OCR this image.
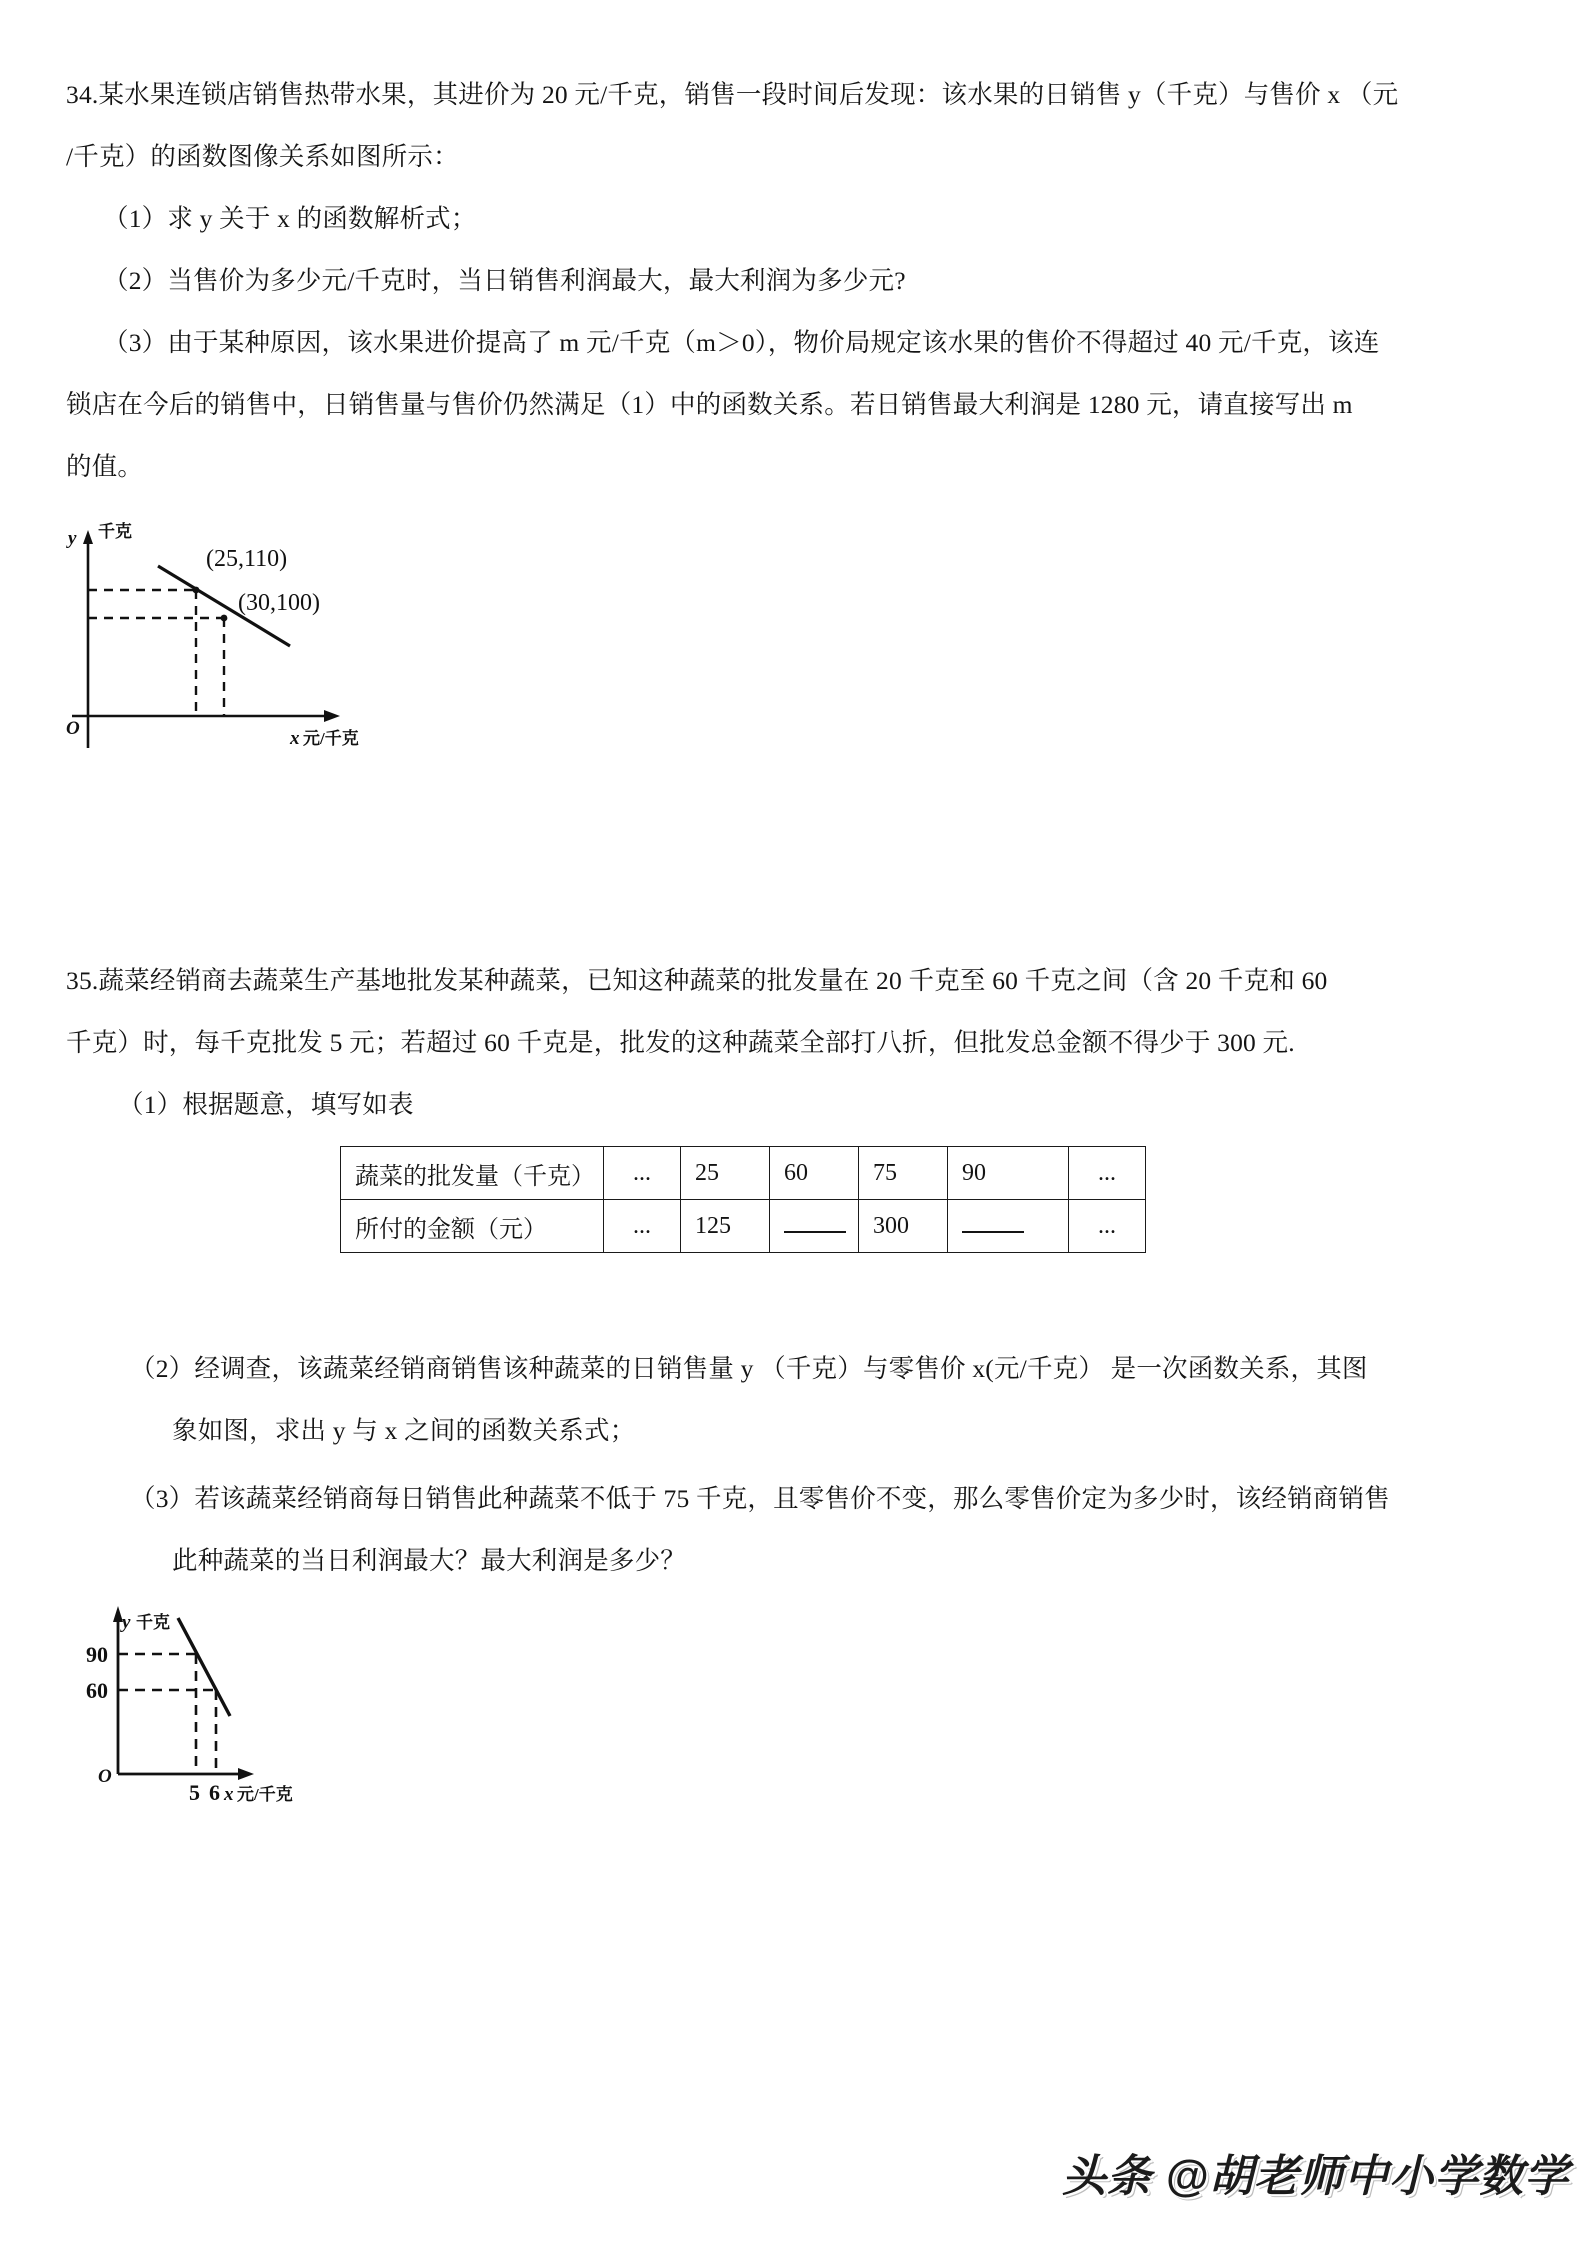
34.某水果连锁店销售热带水果，其进价为 20 元/千克，销售一段时间后发现：该水果的日销售 y（千克）与售价 x （元
/千克）的函数图像关系如图所示：
（1）求 y 关于 x 的函数解析式；
（2）当售价为多少元/千克时，当日销售利润最大，最大利润为多少元?
（3）由于某种原因，该水果进价提高了 m 元/千克（m＞0），物价局规定该水果的售价不得超过 40 元/千克，该连
锁店在今后的销售中，日销售量与售价仍然满足（1）中的函数关系。若日销售最大利润是 1280 元，请直接写出 m
的值。
y 千克
x 元/千克
O
(25,110)
(30,100)
35.蔬菜经销商去蔬菜生产基地批发某种蔬菜，已知这种蔬菜的批发量在 20 千克至 60 千克之间（含 20 千克和 60
千克）时，每千克批发 5 元；若超过 60 千克是，批发的这种蔬菜全部打八折，但批发总金额不得少于 300 元.
（1）根据题意，填写如表
蔬菜的批发量（千克）	...	25	60	75	90	...
所付的金额（元）	...	125		300		...
（2）经调查，该蔬菜经销商销售该种蔬菜的日销售量 y （千克）与零售价 x(元/千克） 是一次函数关系，其图
象如图，求出 y 与 x 之间的函数关系式；
（3）若该蔬菜经销商每日销售此种蔬菜不低于 75 千克，且零售价不变，那么零售价定为多少时，该经销商销售
此种蔬菜的当日利润最大？最大利润是多少？
y 千克
x 元/千克
O
90
60
5 6
头条 @胡老师中小学数学
